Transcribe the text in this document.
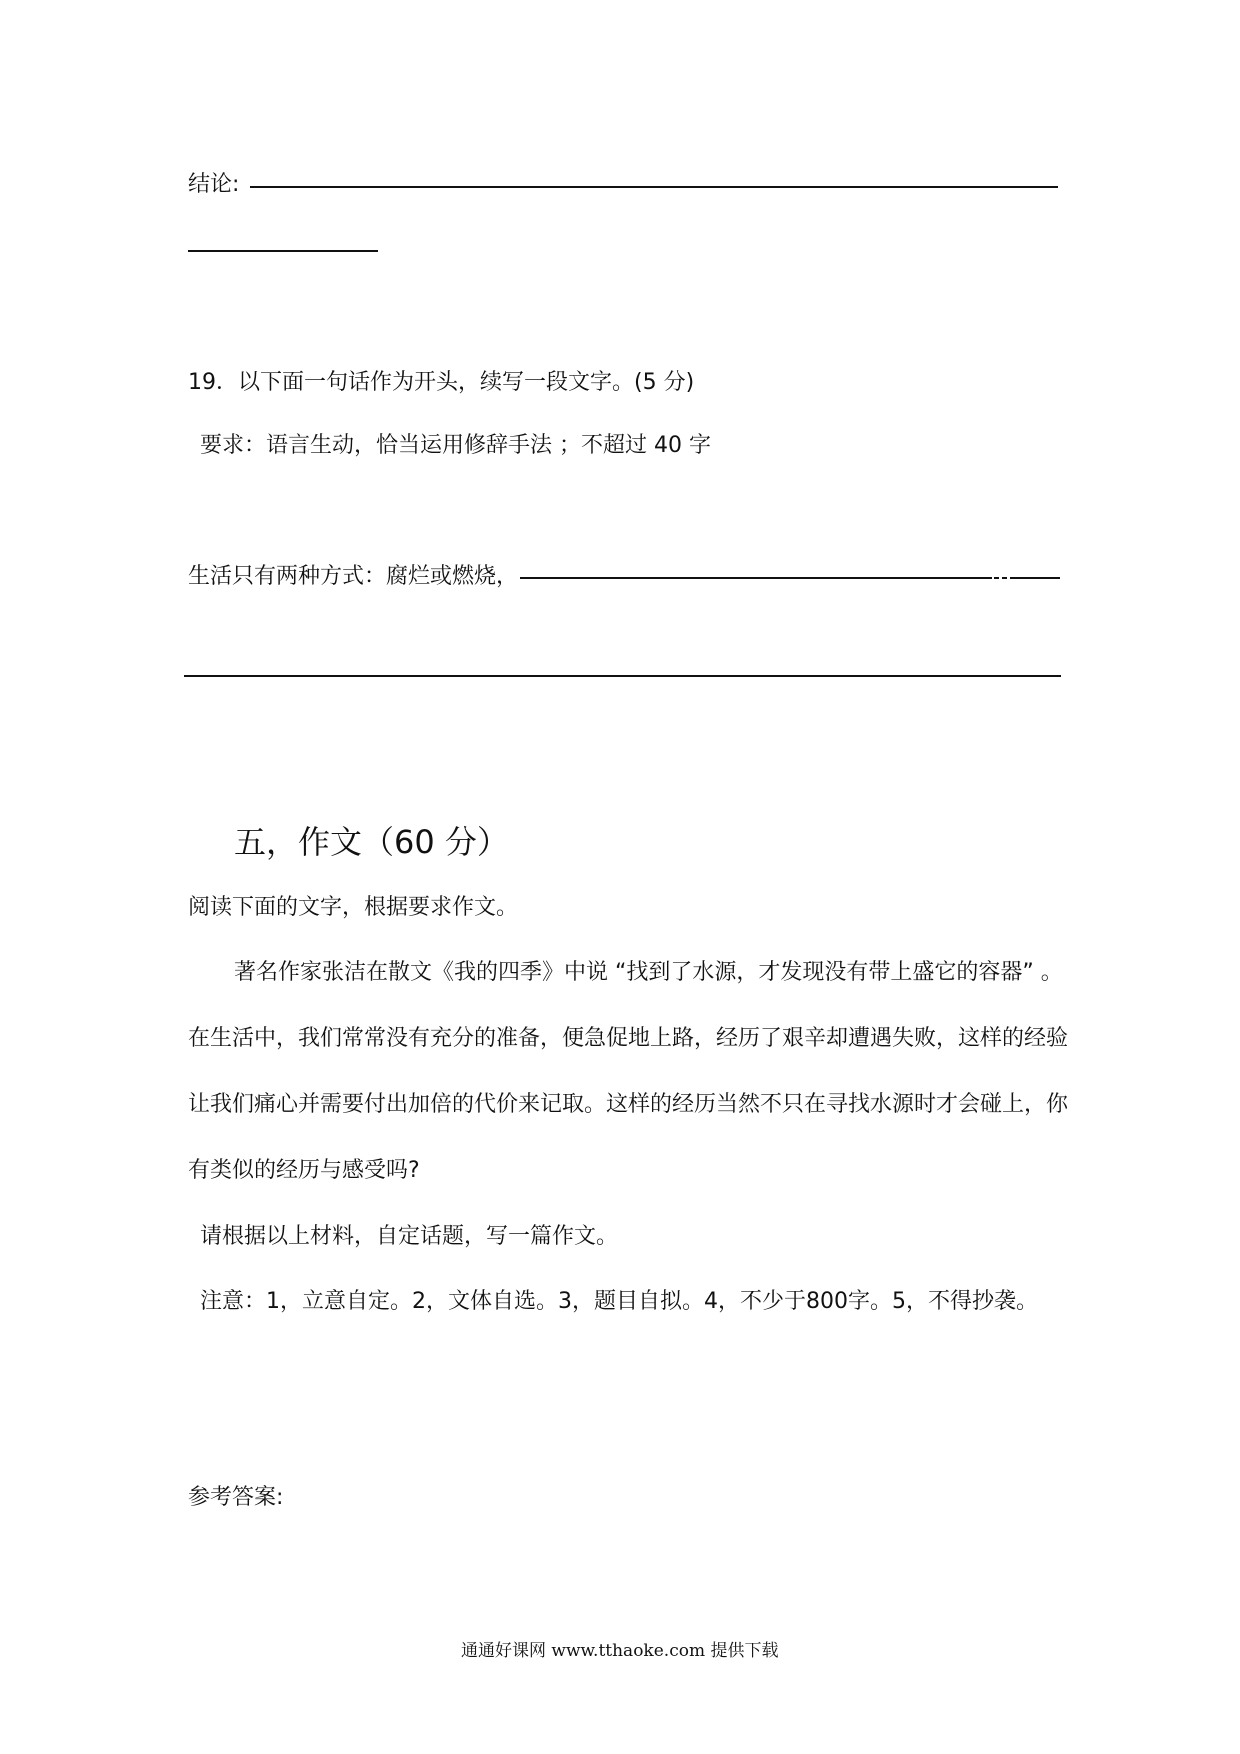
结论:
19．以下面一句话作为开头，续写一段文字。(5 分)
要求：语言生动，恰当运用修辞手法 ；不超过 40 字
生活只有两种方式：腐烂或燃烧，
五，作文（60 分）
阅读下面的文字，根据要求作文。
著名作家张洁在散文《我的四季》中说 “找到了水源，才发现没有带上盛它的容器” 。
在生活中，我们常常没有充分的准备，便急促地上路，经历了艰辛却遭遇失败，这样的经验
让我们痛心并需要付出加倍的代价来记取。这样的经历当然不只在寻找水源时才会碰上，你
有类似的经历与感受吗?
请根据以上材料，自定话题，写一篇作文。
注意：1，立意自定。2，文体自选。3，题目自拟。4，不少于800字。5，不得抄袭。
参考答案:
通通好课网 www.tthaoke.com 提供下载
